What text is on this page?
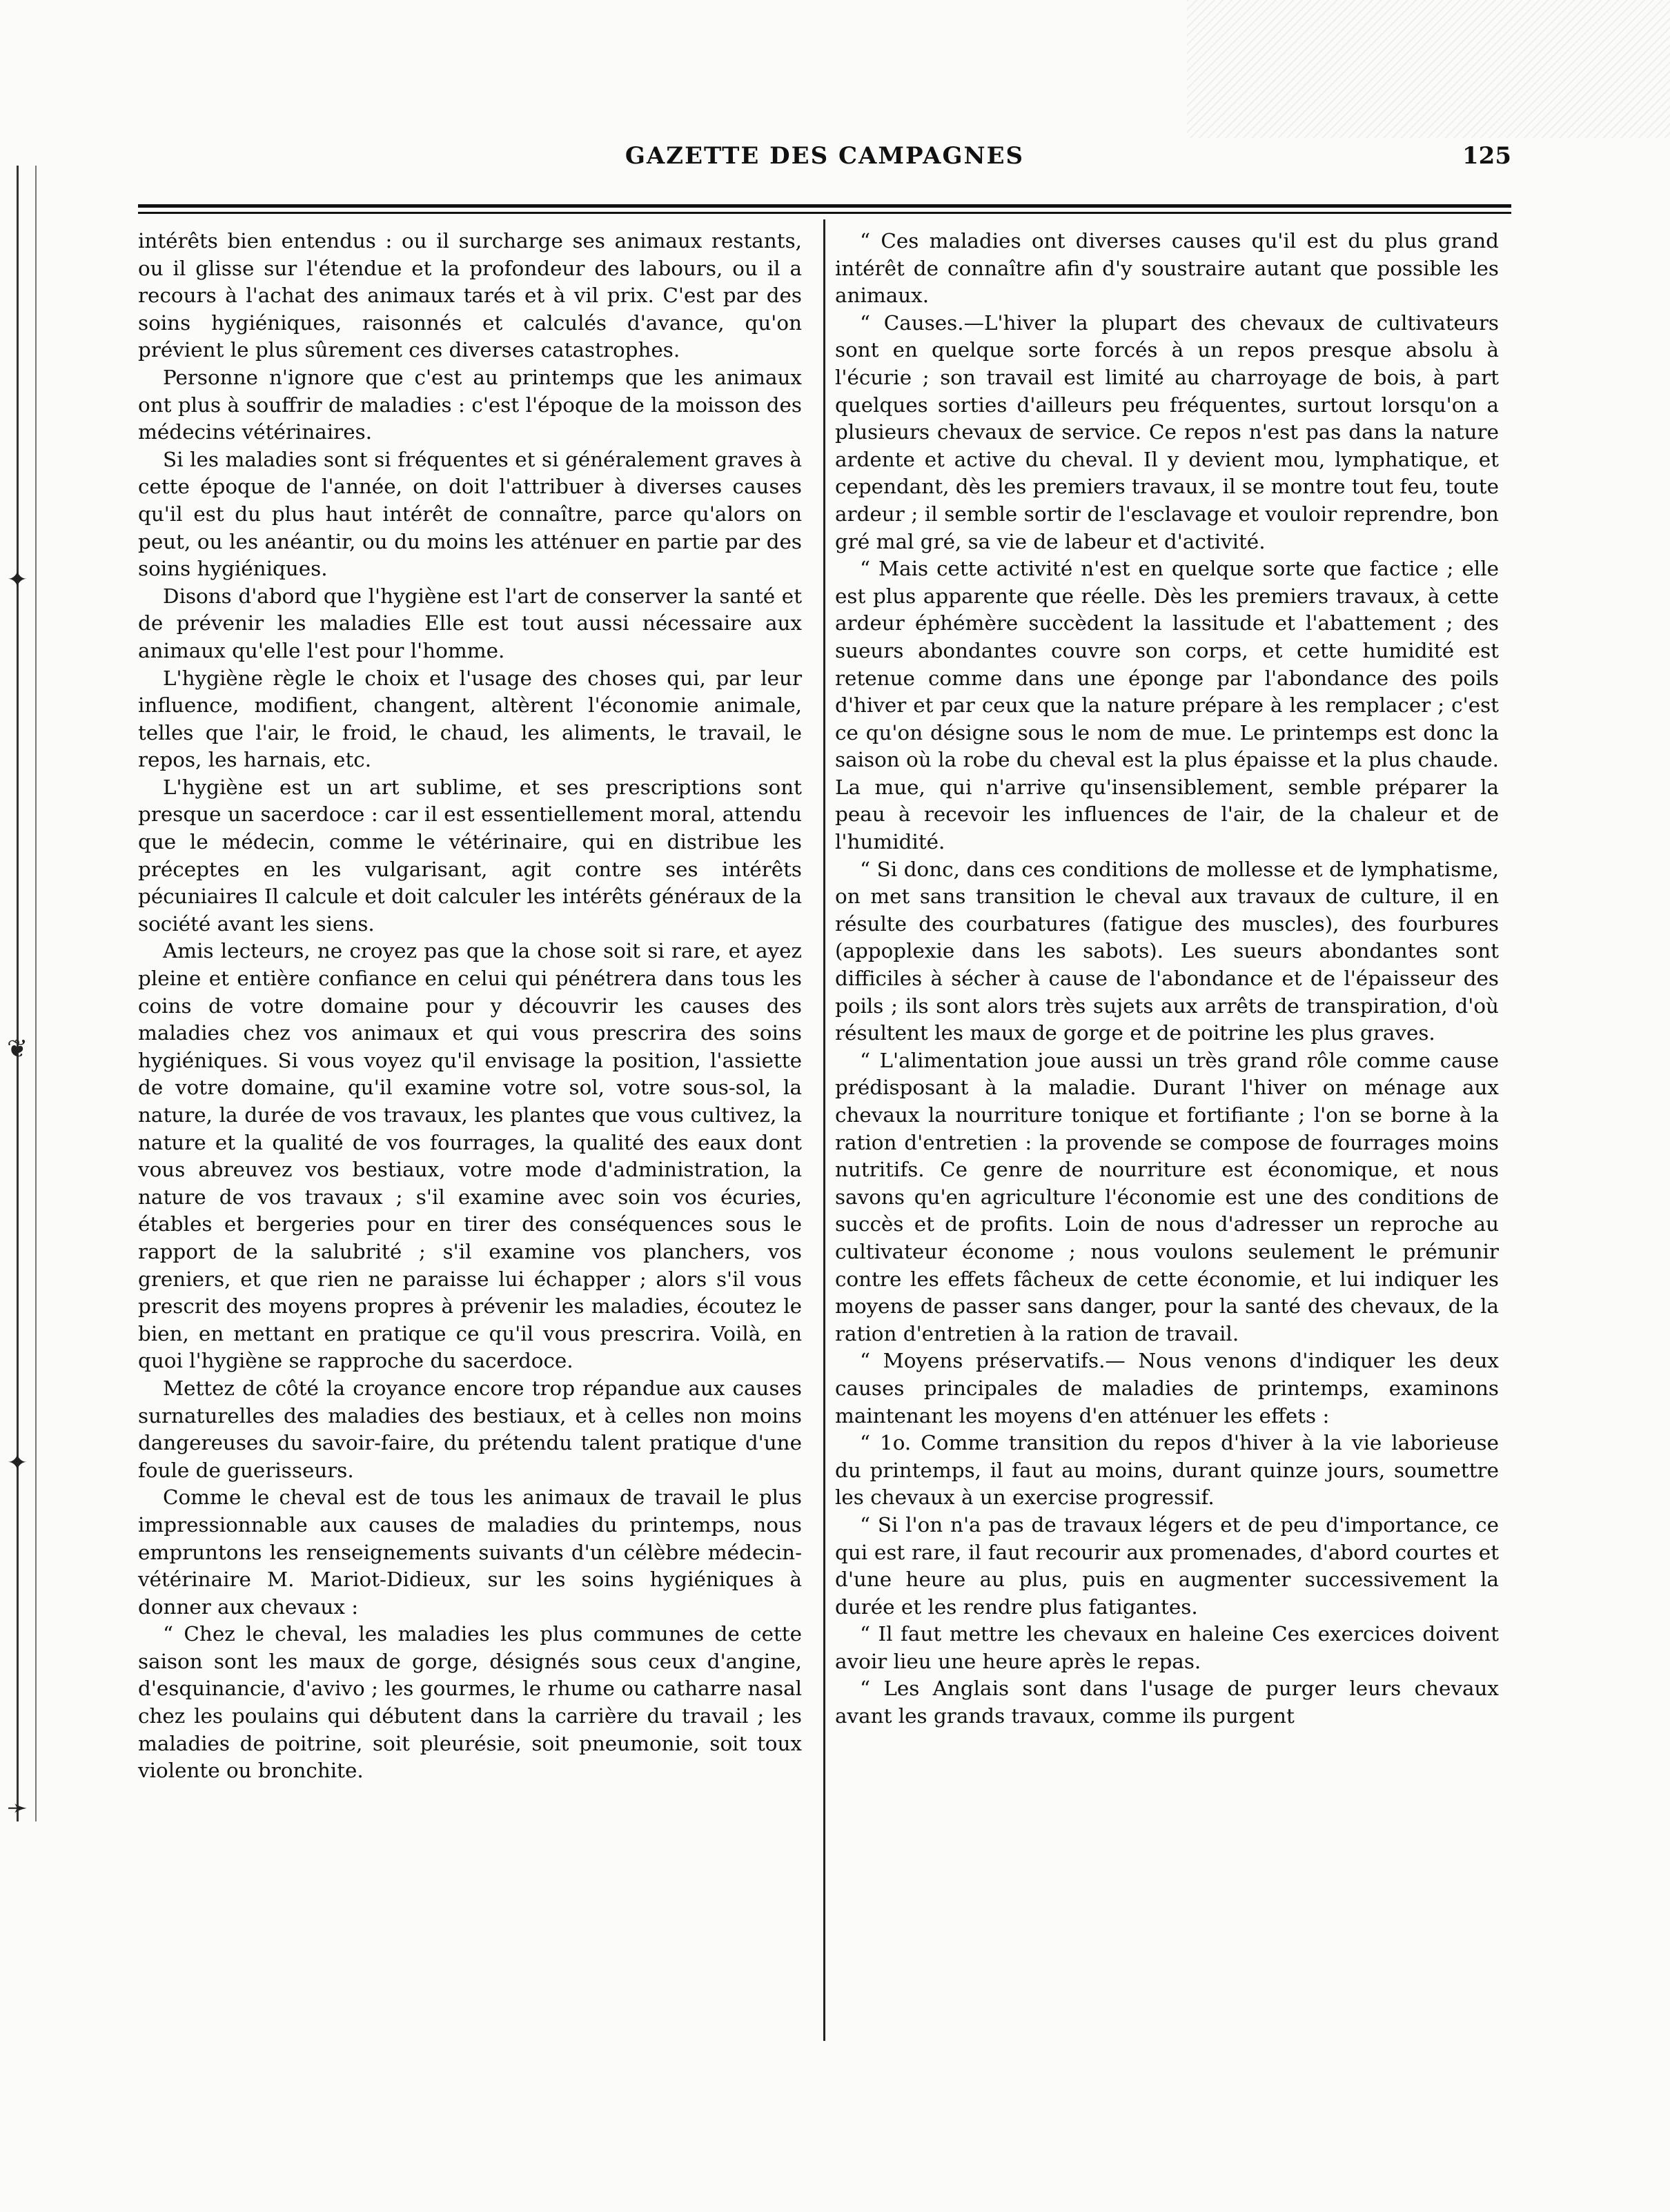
✦
❦
✦
➛
GAZETTE DES CAMPAGNES	125

intérêts bien entendus : ou il surcharge ses animaux restants, ou il glisse sur l'étendue et la profondeur des labours, ou il a recours à l'achat des animaux tarés et à vil prix. C'est par des soins hygiéniques, raisonnés et calculés d'avance, qu'on prévient le plus sûrement ces diverses catastrophes.

Personne n'ignore que c'est au printemps que les animaux ont plus à souffrir de maladies : c'est l'époque de la moisson des médecins vétérinaires.

Si les maladies sont si fréquentes et si généralement graves à cette époque de l'année, on doit l'attribuer à diverses causes qu'il est du plus haut intérêt de connaître, parce qu'alors on peut, ou les anéantir, ou du moins les atténuer en partie par des soins hygiéniques.

Disons d'abord que l'hygiène est l'art de conserver la santé et de prévenir les maladies Elle est tout aussi nécessaire aux animaux qu'elle l'est pour l'homme.

L'hygiène règle le choix et l'usage des choses qui, par leur influence, modifient, changent, altèrent l'économie animale, telles que l'air, le froid, le chaud, les aliments, le travail, le repos, les harnais, etc.

L'hygiène est un art sublime, et ses prescriptions sont presque un sacerdoce : car il est essentiellement moral, attendu que le médecin, comme le vétérinaire, qui en distribue les préceptes en les vulgarisant, agit contre ses intérêts pécuniaires Il calcule et doit calculer les intérêts généraux de la société avant les siens.

Amis lecteurs, ne croyez pas que la chose soit si rare, et ayez pleine et entière confiance en celui qui pénétrera dans tous les coins de votre domaine pour y découvrir les causes des maladies chez vos animaux et qui vous prescrira des soins hygiéniques. Si vous voyez qu'il envisage la position, l'assiette de votre domaine, qu'il examine votre sol, votre sous-sol, la nature, la durée de vos travaux, les plantes que vous cultivez, la nature et la qualité de vos fourrages, la qualité des eaux dont vous abreuvez vos bestiaux, votre mode d'administration, la nature de vos travaux ; s'il examine avec soin vos écuries, étables et bergeries pour en tirer des conséquences sous le rapport de la salubrité ; s'il examine vos planchers, vos greniers, et que rien ne paraisse lui échapper ; alors s'il vous prescrit des moyens propres à prévenir les maladies, écoutez le bien, en mettant en pratique ce qu'il vous prescrira. Voilà, en quoi l'hygiène se rapproche du sacerdoce.

Mettez de côté la croyance encore trop répandue aux causes surnaturelles des maladies des bestiaux, et à celles non moins dangereuses du savoir-faire, du prétendu talent pratique d'une foule de guerisseurs.

Comme le cheval est de tous les animaux de travail le plus impressionnable aux causes de maladies du printemps, nous empruntons les renseignements suivants d'un célèbre médecin-vétérinaire M. Mariot-Didieux, sur les soins hygiéniques à donner aux chevaux :

“ Chez le cheval, les maladies les plus communes de cette saison sont les maux de gorge, désignés sous ceux d'angine, d'esquinancie, d'avivo ; les gourmes, le rhume ou catharre nasal chez les poulains qui débutent dans la carrière du travail ; les maladies de poitrine, soit pleurésie, soit pneumonie, soit toux violente ou bronchite.

“ Ces maladies ont diverses causes qu'il est du plus grand intérêt de connaître afin d'y soustraire autant que possible les animaux.

“ Causes.—L'hiver la plupart des chevaux de cultivateurs sont en quelque sorte forcés à un repos presque absolu à l'écurie ; son travail est limité au charroyage de bois, à part quelques sorties d'ailleurs peu fréquentes, surtout lorsqu'on a plusieurs chevaux de service. Ce repos n'est pas dans la nature ardente et active du cheval. Il y devient mou, lymphatique, et cependant, dès les premiers travaux, il se montre tout feu, toute ardeur ; il semble sortir de l'esclavage et vouloir reprendre, bon gré mal gré, sa vie de labeur et d'activité.

“ Mais cette activité n'est en quelque sorte que factice ; elle est plus apparente que réelle. Dès les premiers travaux, à cette ardeur éphémère succèdent la lassitude et l'abattement ; des sueurs abondantes couvre son corps, et cette humidité est retenue comme dans une éponge par l'abondance des poils d'hiver et par ceux que la nature prépare à les remplacer ; c'est ce qu'on désigne sous le nom de mue. Le printemps est donc la saison où la robe du cheval est la plus épaisse et la plus chaude. La mue, qui n'arrive qu'insensiblement, semble préparer la peau à recevoir les influences de l'air, de la chaleur et de l'humidité.

“ Si donc, dans ces conditions de mollesse et de lymphatisme, on met sans transition le cheval aux travaux de culture, il en résulte des courbatures (fatigue des muscles), des fourbures (appoplexie dans les sabots). Les sueurs abondantes sont difficiles à sécher à cause de l'abondance et de l'épaisseur des poils ; ils sont alors très sujets aux arrêts de transpiration, d'où résultent les maux de gorge et de poitrine les plus graves.

“ L'alimentation joue aussi un très grand rôle comme cause prédisposant à la maladie. Durant l'hiver on ménage aux chevaux la nourriture tonique et fortifiante ; l'on se borne à la ration d'entretien : la provende se compose de fourrages moins nutritifs. Ce genre de nourriture est économique, et nous savons qu'en agriculture l'économie est une des conditions de succès et de profits. Loin de nous d'adresser un reproche au cultivateur économe ; nous voulons seulement le prémunir contre les effets fâcheux de cette économie, et lui indiquer les moyens de passer sans danger, pour la santé des chevaux, de la ration d'entretien à la ration de travail.

“ Moyens préservatifs.— Nous venons d'indiquer les deux causes principales de maladies de printemps, examinons maintenant les moyens d'en atténuer les effets :

“ 1o. Comme transition du repos d'hiver à la vie laborieuse du printemps, il faut au moins, durant quinze jours, soumettre les chevaux à un exercise progressif.

“ Si l'on n'a pas de travaux légers et de peu d'importance, ce qui est rare, il faut recourir aux promenades, d'abord courtes et d'une heure au plus, puis en augmenter successivement la durée et les rendre plus fatigantes.

“ Il faut mettre les chevaux en haleine Ces exercices doivent avoir lieu une heure après le repas.

“ Les Anglais sont dans l'usage de purger leurs chevaux avant les grands travaux, comme ils purgent
